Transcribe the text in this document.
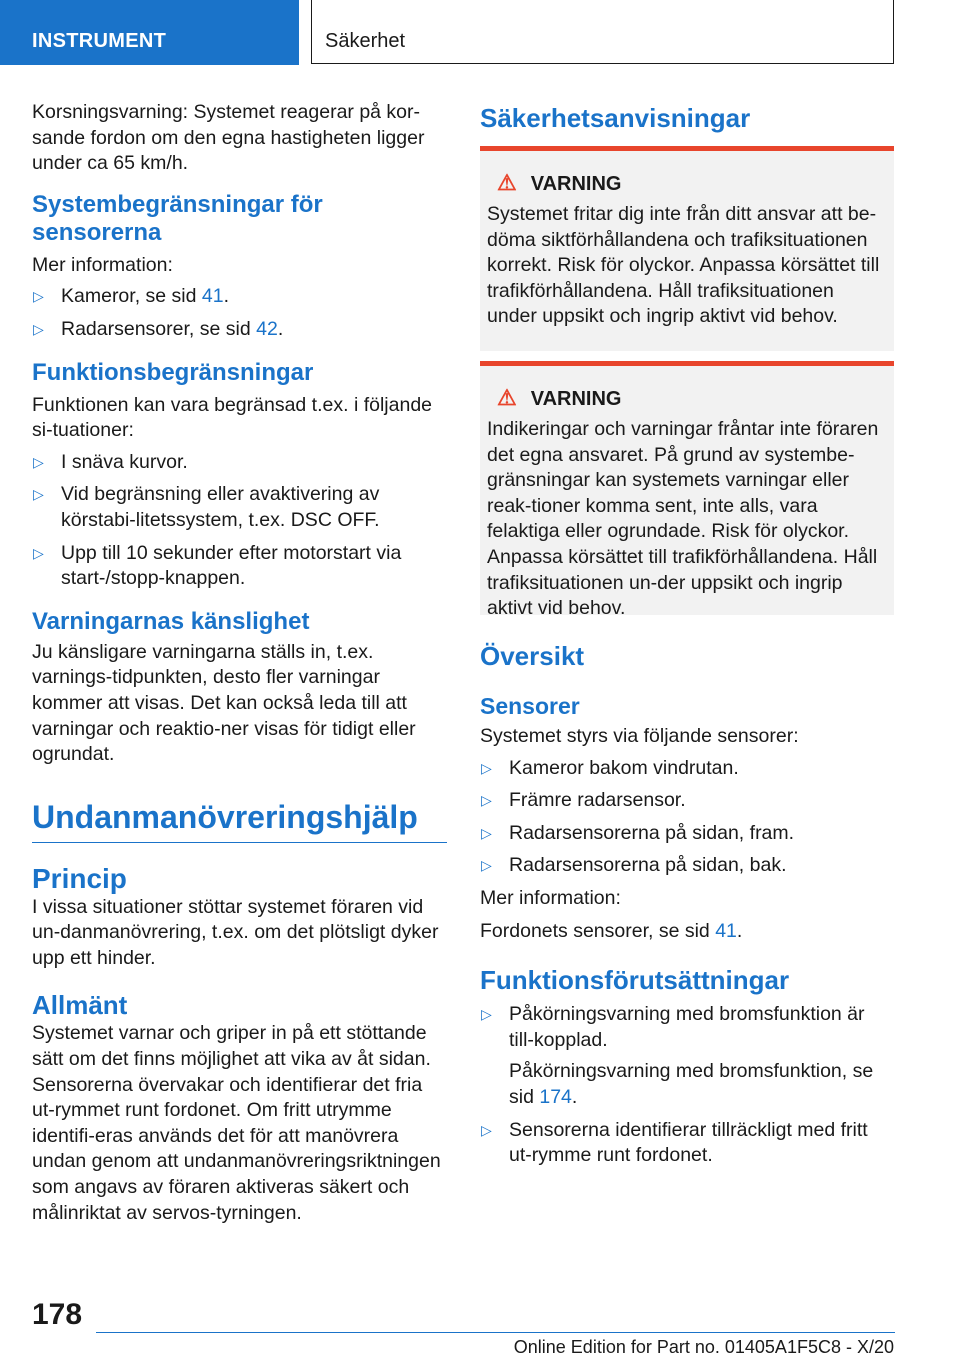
INSTRUMENT	Säkerhet

Korsningsvarning: Systemet reagerar på kor-sande fordon om den egna hastigheten ligger under ca 65 km/h.

Systembegränsningar för sensorerna

Mer information:

▷ Kameror, se sid 41.
▷ Radarsensorer, se sid 42.
Funktionsbegränsningar

Funktionen kan vara begränsad t.ex. i följande si-tuationer:

▷ I snäva kurvor.
▷ Vid begränsning eller avaktivering av körstabi-litetssystem, t.ex. DSC OFF.
▷ Upp till 10 sekunder efter motorstart via start-/stopp-knappen.
Varningarnas känslighet

Ju känsligare varningarna ställs in, t.ex. varnings-tidpunkten, desto fler varningar kommer att visas. Det kan också leda till att varningar och reaktio-ner visas för tidigt eller ogrundat.

Undanmanövreringshjälp
Princip

I vissa situationer stöttar systemet föraren vid un-danmanövrering, t.ex. om det plötsligt dyker upp ett hinder.

Allmänt

Systemet varnar och griper in på ett stöttande sätt om det finns möjlighet att vika av åt sidan. Sensorerna övervakar och identifierar det fria ut-rymmet runt fordonet. Om fritt utrymme identifi-eras används det för att manövrera undan genom att undanmanövreringsriktningen som angavs av föraren aktiveras säkert och målinriktat av servos-tyrningen.

Säkerhetsanvisningar
⚠ VARNING

Systemet fritar dig inte från ditt ansvar att be-döma siktförhållandena och trafiksituationen korrekt. Risk för olyckor. Anpassa körsättet till trafikförhållandena. Håll trafiksituationen under uppsikt och ingrip aktivt vid behov.

⚠ VARNING

Indikeringar och varningar fråntar inte föraren det egna ansvaret. På grund av systembe-gränsningar kan systemets varningar eller reak-tioner komma sent, inte alls, vara felaktiga eller ogrundade. Risk för olyckor. Anpassa körsättet till trafikförhållandena. Håll trafiksituationen un-der uppsikt och ingrip aktivt vid behov.

Översikt
Sensorer

Systemet styrs via följande sensorer:

▷ Kameror bakom vindrutan.
▷ Främre radarsensor.
▷ Radarsensorerna på sidan, fram.
▷ Radarsensorerna på sidan, bak.

Mer information:

Fordonets sensorer, se sid 41.

Funktionsförutsättningar
▷ Påkörningsvarning med bromsfunktion är till-kopplad.

Påkörningsvarning med bromsfunktion, se sid 174.

▷ Sensorerna identifierar tillräckligt med fritt ut-rymme runt fordonet.
178
Online Edition for Part no. 01405A1F5C8 - X/20
